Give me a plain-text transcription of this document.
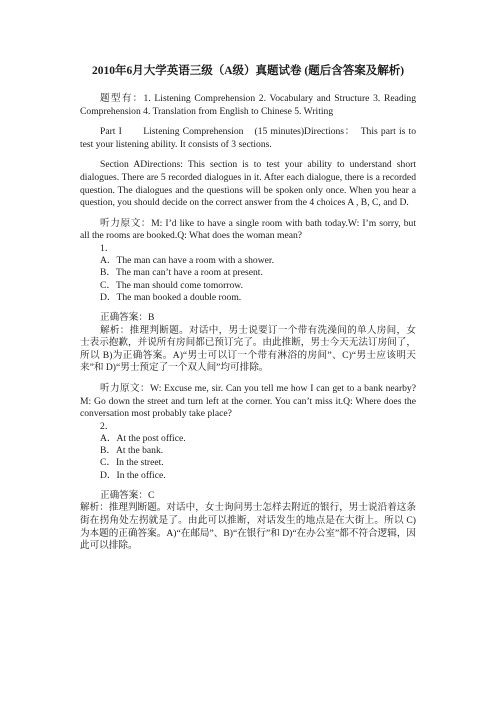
2010年6月大学英语三级（A级）真题试卷 (题后含答案及解析)

题型有：1. Listening Comprehension 2. Vocabulary and Structure 3. Reading Comprehension 4. Translation from English to Chinese 5. Writing

Part I　　Listening Comprehension　(15 minutes)Directions：　This part is to test your listening ability. It consists of 3 sections.

Section ADirections: This section is to test your ability to understand short dialogues. There are 5 recorded dialogues in it. After each dialogue, there is a recorded question. The dialogues and the questions will be spoken only once. When you hear a question, you should decide on the correct answer from the 4 choices A , B, C, and D.

听力原文：M: I’d like to have a single room with bath today.W: I’m sorry, but all the rooms are booked.Q: What does the woman mean?

1．
A．The man can have a room with a shower.
B．The man can’t have a room at present.
C．The man should come tomorrow.
D．The man booked a double room.

正确答案：B

解析：推理判断题。对话中，男士说要订一个带有洗澡间的单人房间，女士表示抱歉，并说所有房间都已预订完了。由此推断，男士今天无法订房间了，所以 B)为正确答案。A)“男士可以订一个带有淋浴的房间”、C)“男士应该明天来”和 D)“男士预定了一个双人间”均可排除。

听力原文：W: Excuse me, sir. Can you tell me how I can get to a bank nearby?M: Go down the street and turn left at the corner. You can’t miss it.Q: Where does the conversation most probably take place?

2．
A．At the post office.
B．At the bank.
C．In the street.
D．In the office.

正确答案：C

解析：推理判断题。对话中，女士询问男士怎样去附近的银行，男士说沿着这条街在拐角处左拐就是了。由此可以推断，对话发生的地点是在大街上。所以 C)为本题的正确答案。A)“在邮局”、B)“在银行”和 D)“在办公室”都不符合逻辑，因此可以排除。
